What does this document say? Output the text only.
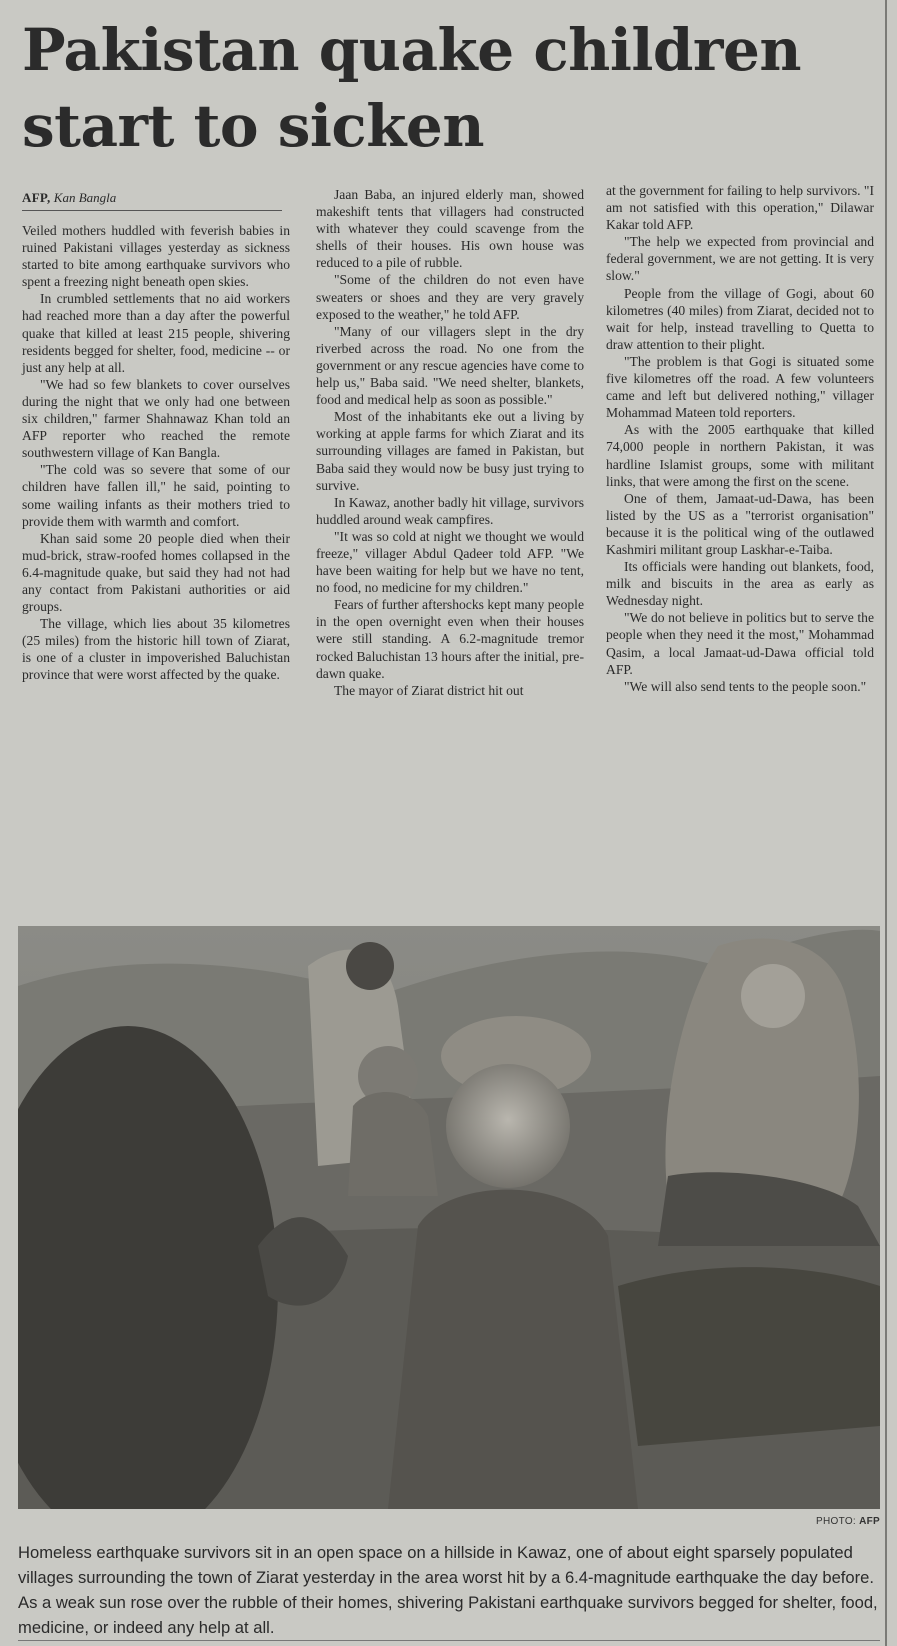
Pakistan quake children start to sicken
AFP, Kan Bangla

Veiled mothers huddled with feverish babies in ruined Pakistani villages yesterday as sickness started to bite among earthquake survivors who spent a freezing night beneath open skies.

In crumbled settlements that no aid workers had reached more than a day after the powerful quake that killed at least 215 people, shivering residents begged for shelter, food, medicine -- or just any help at all.

"We had so few blankets to cover ourselves during the night that we only had one between six children," farmer Shahnawaz Khan told an AFP reporter who reached the remote southwestern village of Kan Bangla.

"The cold was so severe that some of our children have fallen ill," he said, pointing to some wailing infants as their mothers tried to provide them with warmth and comfort.

Khan said some 20 people died when their mud-brick, straw-roofed homes collapsed in the 6.4-magnitude quake, but said they had not had any contact from Pakistani authorities or aid groups.

The village, which lies about 35 kilometres (25 miles) from the historic hill town of Ziarat, is one of a cluster in impoverished Baluchistan province that were worst affected by the quake.

Jaan Baba, an injured elderly man, showed makeshift tents that villagers had constructed with whatever they could scavenge from the shells of their houses. His own house was reduced to a pile of rubble.

"Some of the children do not even have sweaters or shoes and they are very gravely exposed to the weather," he told AFP.

"Many of our villagers slept in the dry riverbed across the road. No one from the government or any rescue agencies have come to help us," Baba said. "We need shelter, blankets, food and medical help as soon as possible."

Most of the inhabitants eke out a living by working at apple farms for which Ziarat and its surrounding villages are famed in Pakistan, but Baba said they would now be busy just trying to survive.

In Kawaz, another badly hit village, survivors huddled around weak campfires.

"It was so cold at night we thought we would freeze," villager Abdul Qadeer told AFP. "We have been waiting for help but we have no tent, no food, no medicine for my children."

Fears of further aftershocks kept many people in the open overnight even when their houses were still standing. A 6.2-magnitude tremor rocked Baluchistan 13 hours after the initial, pre-dawn quake.

The mayor of Ziarat district hit out

at the government for failing to help survivors. "I am not satisfied with this operation," Dilawar Kakar told AFP.

"The help we expected from provincial and federal government, we are not getting. It is very slow."

People from the village of Gogi, about 60 kilometres (40 miles) from Ziarat, decided not to wait for help, instead travelling to Quetta to draw attention to their plight.

"The problem is that Gogi is situated some five kilometres off the road. A few volunteers came and left but delivered nothing," villager Mohammad Mateen told reporters.

As with the 2005 earthquake that killed 74,000 people in northern Pakistan, it was hardline Islamist groups, some with militant links, that were among the first on the scene.

One of them, Jamaat-ud-Dawa, has been listed by the US as a "terrorist organisation" because it is the political wing of the outlawed Kashmiri militant group Laskhar-e-Taiba.

Its officials were handing out blankets, food, milk and biscuits in the area as early as Wednesday night.

"We do not believe in politics but to serve the people when they need it the most," Mohammad Qasim, a local Jamaat-ud-Dawa official told AFP.

"We will also send tents to the people soon."

PHOTO: AFP
Homeless earthquake survivors sit in an open space on a hillside in Kawaz, one of about eight sparsely populated villages surrounding the town of Ziarat yesterday in the area worst hit by a 6.4-magnitude earthquake the day before. As a weak sun rose over the rubble of their homes, shivering Pakistani earthquake survivors begged for shelter, food, medicine, or indeed any help at all.
